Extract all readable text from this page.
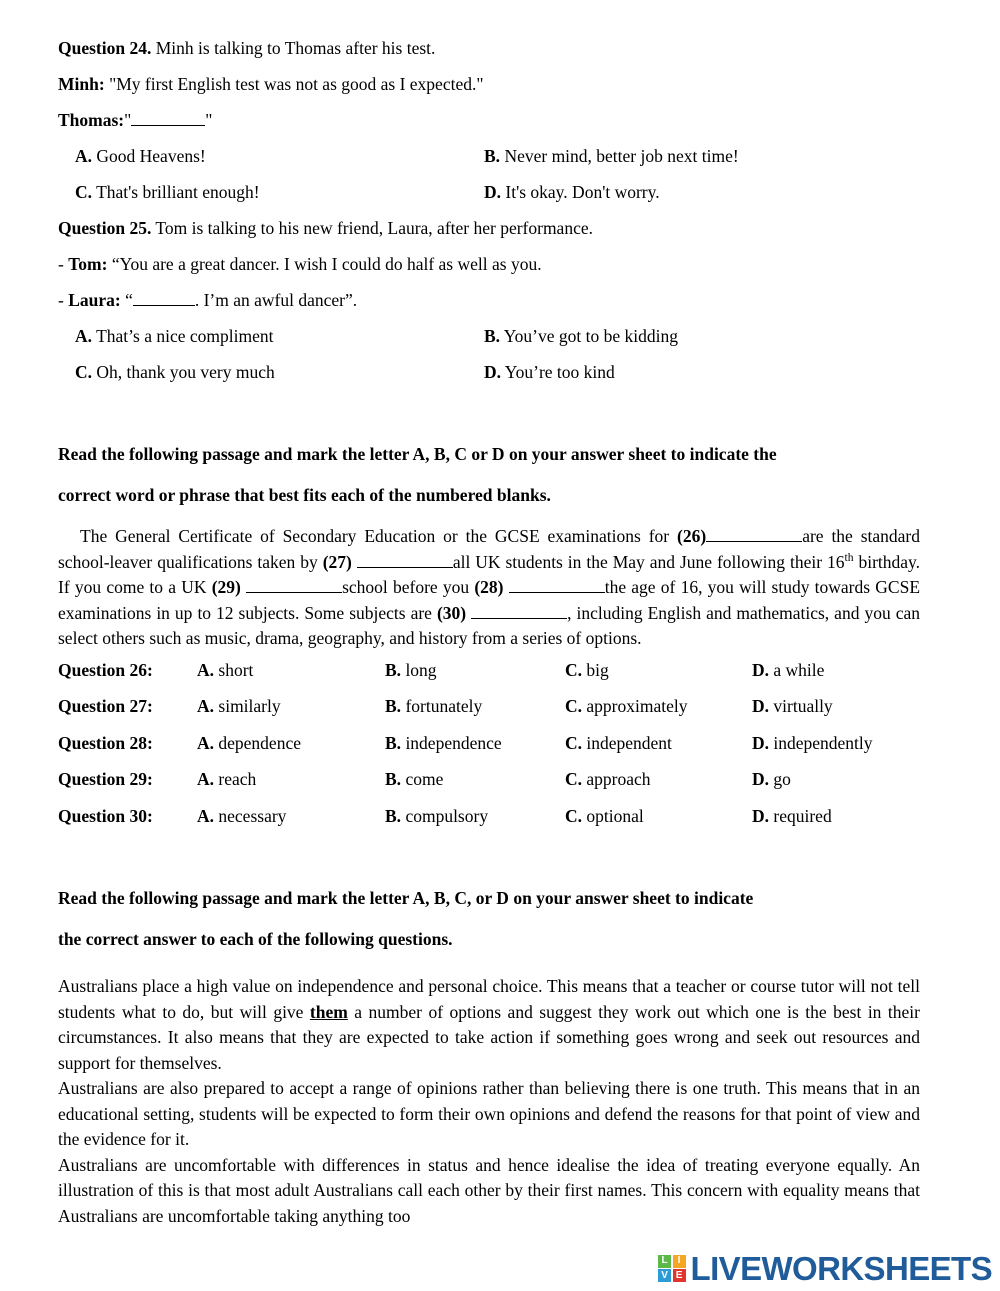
Question 24. Minh is talking to Thomas after his test.

Minh: "My first English test was not as good as I expected."

Thomas:"	"

A. Good Heavens!	B. Never mind, better job next time!
C. That's brilliant enough!	D. It's okay. Don't worry.

Question 25. Tom is talking to his new friend, Laura, after her performance.

- Tom: “You are a great dancer. I wish I could do half as well as you.

- Laura: “	. I’m an awful dancer”.

A. That’s a nice compliment	B. You’ve got to be kidding
C. Oh, thank you very much	D. You’re too kind

Read the following passage and mark the letter A, B, C or D on your answer sheet to indicate the

correct word or phrase that best fits each of the numbered blanks.

The General Certificate of Secondary Education or the GCSE examinations for (26)	are the standard school-leaver qualifications taken by (27)	all UK students in the May and June following their 16th birthday. If you come to a UK (29)	school before you (28)	the age of 16, you will study towards GCSE examinations in up to 12 subjects. Some subjects are (30)	, including English and mathematics, and you can select others such as music, drama, geography, and history from a series of options.

Question 26:	A. short	B. long	C. big	D. a while
Question 27:	A. similarly	B. fortunately	C. approximately	D. virtually
Question 28:	A. dependence	B. independence	C. independent	D. independently
Question 29:	A. reach	B. come	C. approach	D. go
Question 30:	A. necessary	B. compulsory	C. optional	D. required

Read the following passage and mark the letter A, B, C, or D on your answer sheet to indicate

the correct answer to each of the following questions.

Australians place a high value on independence and personal choice. This means that a teacher or course tutor will not tell students what to do, but will give them a number of options and suggest they work out which one is the best in their circumstances. It also means that they are expected to take action if something goes wrong and seek out resources and support for themselves.

Australians are also prepared to accept a range of opinions rather than believing there is one truth. This means that in an educational setting, students will be expected to form their own opinions and defend the reasons for that point of view and the evidence for it.

Australians are uncomfortable with differences in status and hence idealise the idea of treating everyone equally. An illustration of this is that most adult Australians call each other by their first names. This concern with equality means that Australians are uncomfortable taking anything too

L	I
V E LIVEWORKSHEETS
